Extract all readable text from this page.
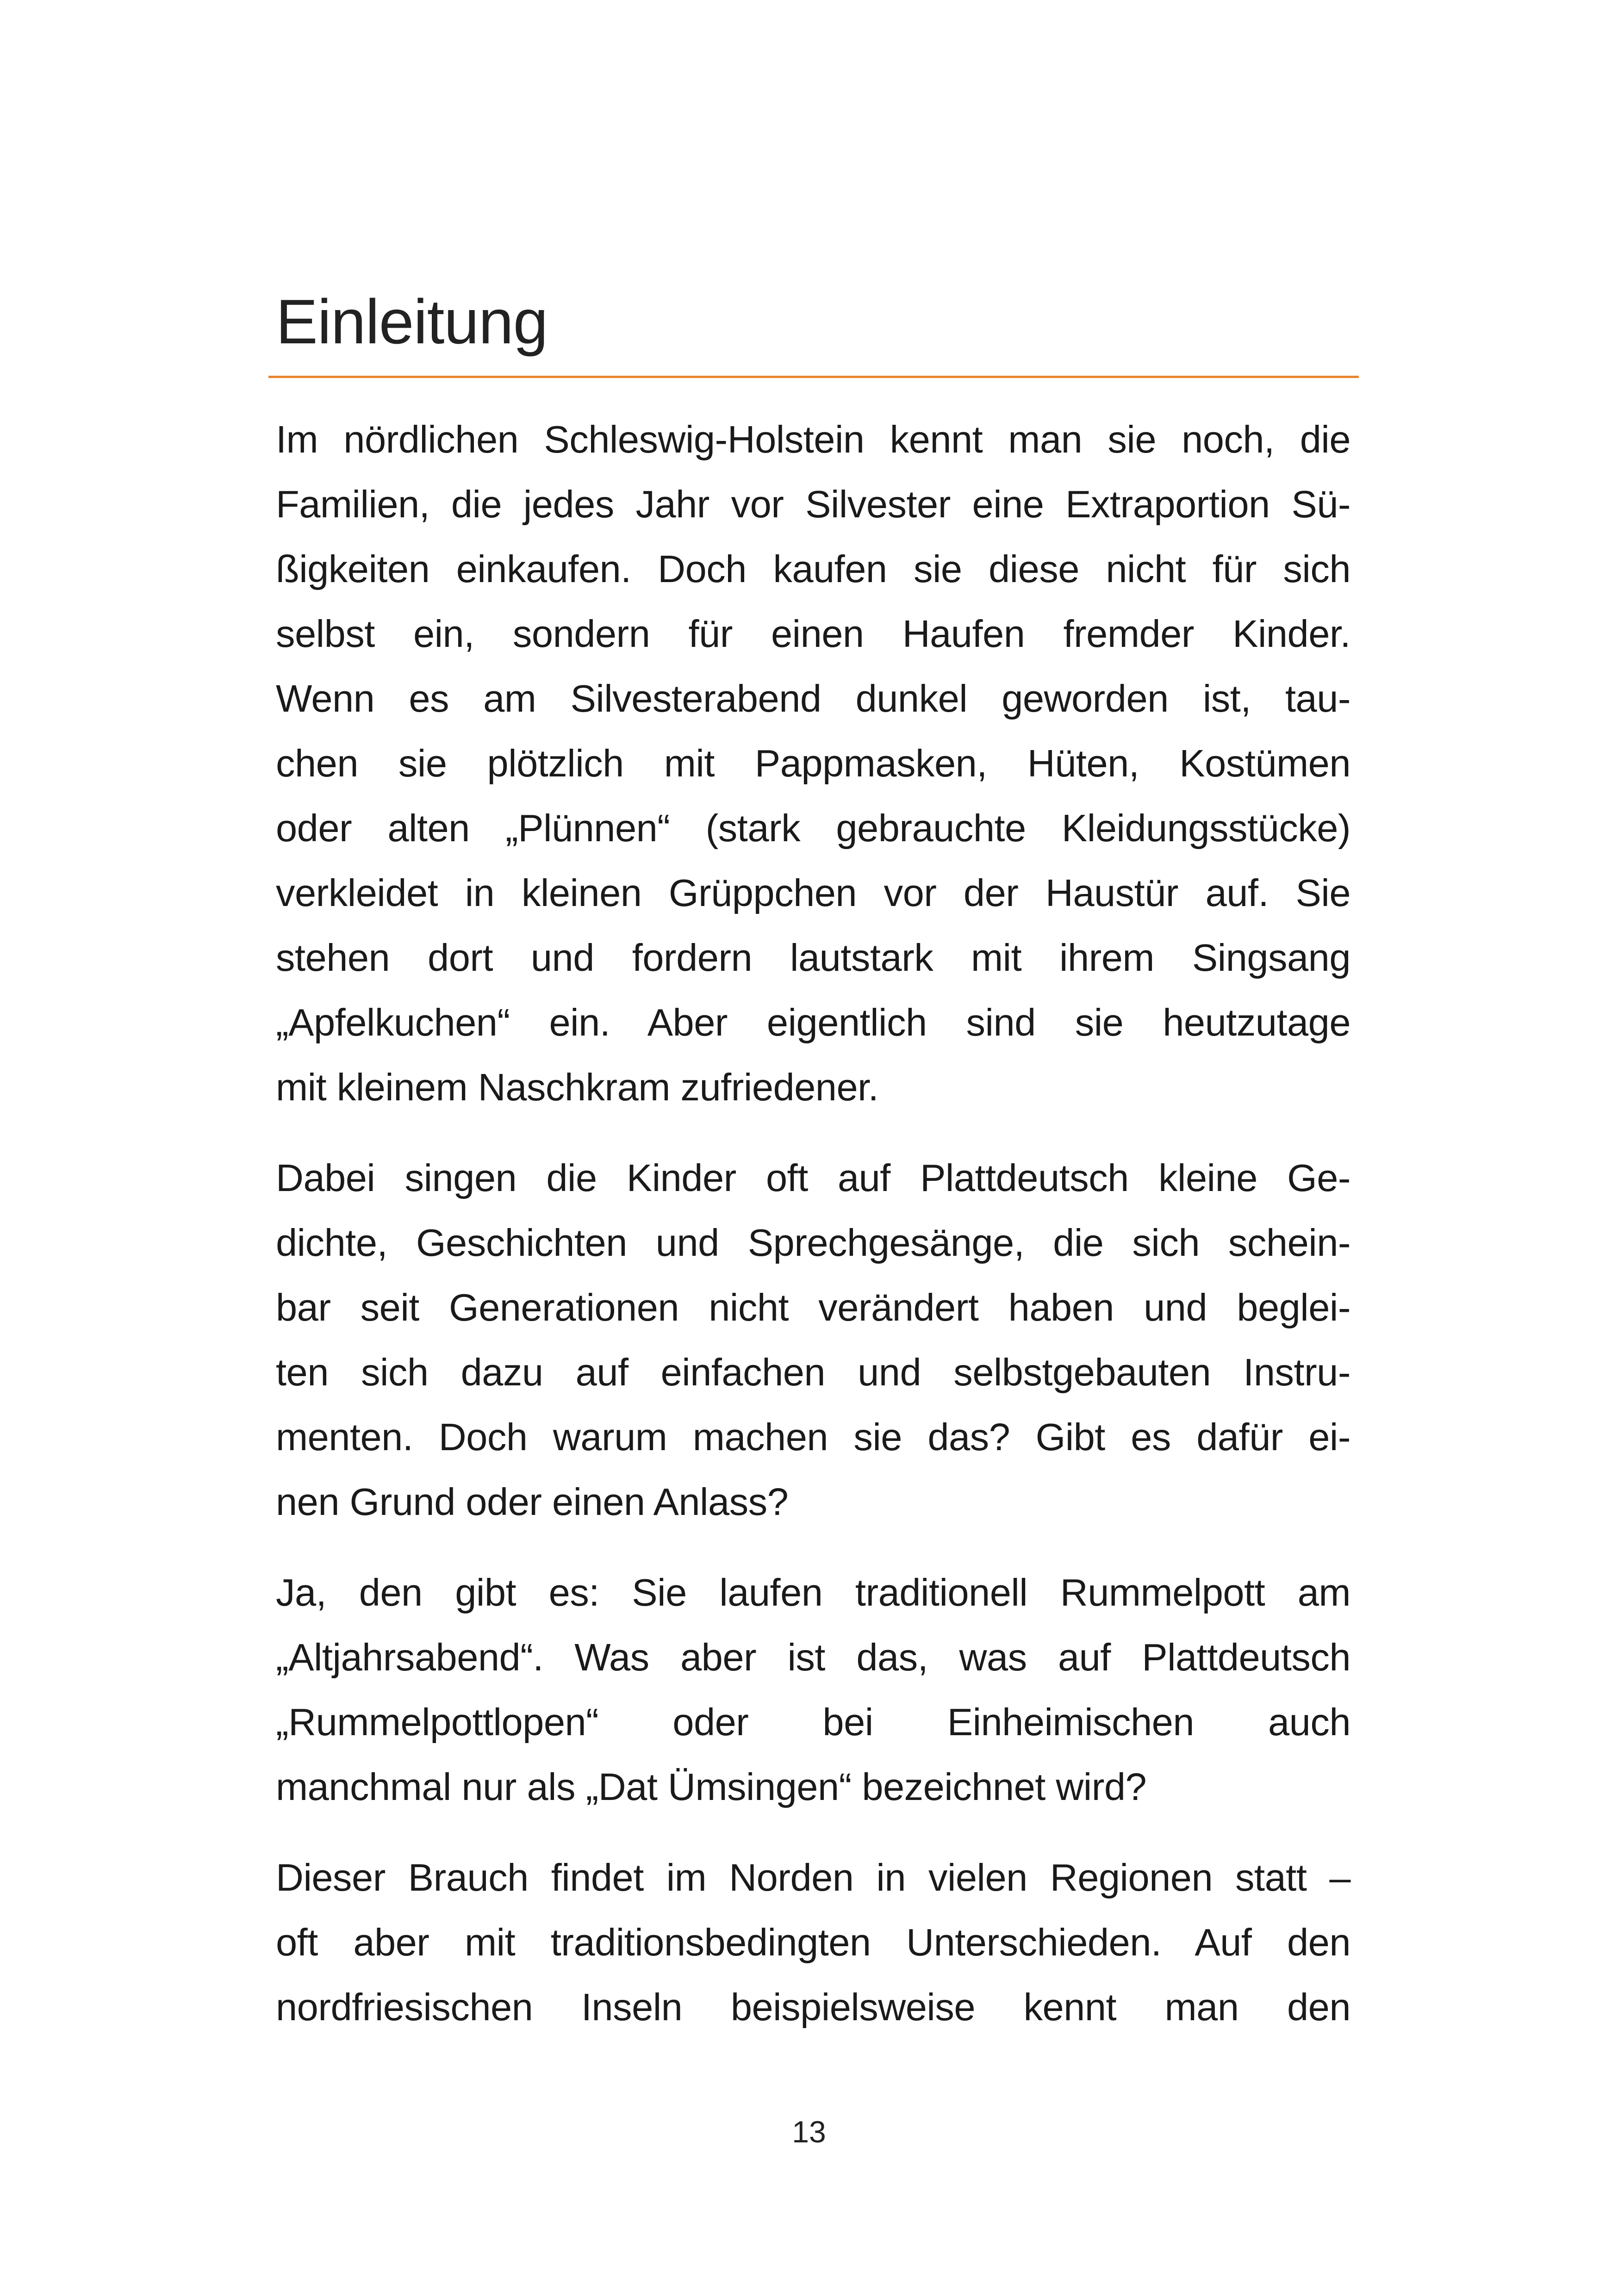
Einleitung

Im nördlichen Schleswig-Holstein kennt man sie noch, die
Familien, die jedes Jahr vor Silvester eine Extraportion Sü-
ßigkeiten einkaufen. Doch kaufen sie diese nicht für sich
selbst ein, sondern für einen Haufen fremder Kinder.
Wenn es am Silvesterabend dunkel geworden ist, tau-
chen sie plötzlich mit Pappmasken, Hüten, Kostümen
oder alten „Plünnen“ (stark gebrauchte Kleidungsstücke)
verkleidet in kleinen Grüppchen vor der Haustür auf. Sie
stehen dort und fordern lautstark mit ihrem Singsang
„Apfelkuchen“ ein. Aber eigentlich sind sie heutzutage
mit kleinem Naschkram zufriedener.

Dabei singen die Kinder oft auf Plattdeutsch kleine Ge-
dichte, Geschichten und Sprechgesänge, die sich schein-
bar seit Generationen nicht verändert haben und beglei-
ten sich dazu auf einfachen und selbstgebauten Instru-
menten. Doch warum machen sie das? Gibt es dafür ei-
nen Grund oder einen Anlass?

Ja, den gibt es: Sie laufen traditionell Rummelpott am
„Altjahrsabend“. Was aber ist das, was auf Plattdeutsch
„Rummelpottlopen“ oder bei Einheimischen auch
manchmal nur als „Dat Ümsingen“ bezeichnet wird?

Dieser Brauch findet im Norden in vielen Regionen statt –
oft aber mit traditionsbedingten Unterschieden. Auf den
nordfriesischen Inseln beispielsweise kennt man den

13
